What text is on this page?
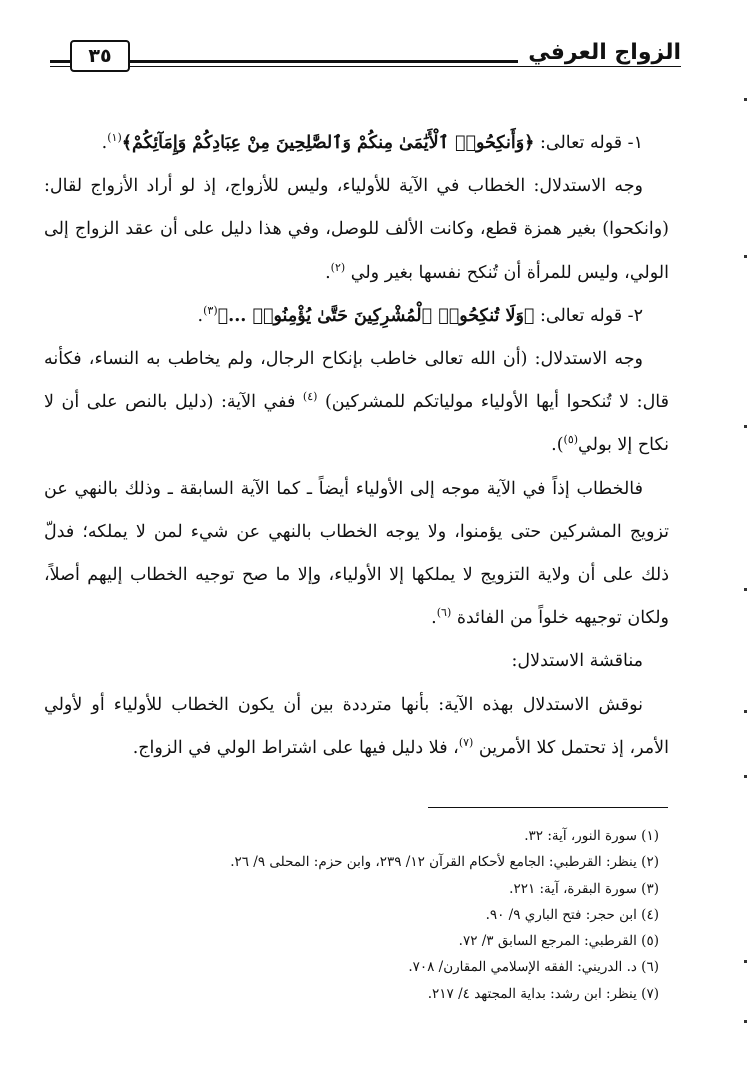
الزواج العرفي
٣٥

١- قوله تعالى: ﴿وَأَنكِحُوا۟ ٱلْأَيَٰمَىٰ مِنكُمْ وَٱلصَّٰلِحِينَ مِنْ عِبَادِكُمْ وَإِمَآئِكُمْ﴾$^{(١)}$.

وجه الاستدلال: الخطاب في الآية للأولياء، وليس للأزواج، إذ لو أراد الأزواج لقال: (وانكحوا) بغير همزة قطع، وكانت الألف للوصل، وفي هذا دليل على أن عقد الزواج إلى الولي، وليس للمرأة أن تُنكح نفسها بغير ولي $^{(٢)}$.

٢- قوله تعالى: ﴿وَلَا تُنكِحُوا۟ ٱلْمُشْرِكِينَ حَتَّىٰ يُؤْمِنُوا۟ ...﴾$^{(٣)}$.

وجه الاستدلال: (أن الله تعالى خاطب بإنكاح الرجال، ولم يخاطب به النساء، فكأنه قال: لا تُنكحوا أيها الأولياء مولياتكم للمشركين) $^{(٤)}$ ففي الآية: (دليل بالنص على أن لا نكاح إلا بولي$^{(٥)}$).

فالخطاب إذاً في الآية موجه إلى الأولياء أيضاً ـ كما الآية السابقة ـ وذلك بالنهي عن تزويج المشركين حتى يؤمنوا، ولا يوجه الخطاب بالنهي عن شيء لمن لا يملكه؛ فدلّ ذلك على أن ولاية التزويج لا يملكها إلا الأولياء، وإلا ما صح توجيه الخطاب إليهم أصلاً، ولكان توجيهه خلواً من الفائدة $^{(٦)}$.

مناقشة الاستدلال:

نوقش الاستدلال بهذه الآية: بأنها مترددة بين أن يكون الخطاب للأولياء أو لأولي الأمر، إذ تحتمل كلا الأمرين $^{(٧)}$، فلا دليل فيها على اشتراط الولي في الزواج.

(١) سورة النور، آية: ٣٢.
(٢) ينظر: القرطبي: الجامع لأحكام القرآن ١٢/ ٢٣٩، وابن حزم: المحلى ٩/ ٢٦.
(٣) سورة البقرة، آية: ٢٢١.
(٤) ابن حجر: فتح الباري ٩/ ٩٠.
(٥) القرطبي: المرجع السابق ٣/ ٧٢.
(٦) د. الدريني: الفقه الإسلامي المقارن/ ٧٠٨.
(٧) ينظر: ابن رشد: بداية المجتهد ٤/ ٢١٧.
